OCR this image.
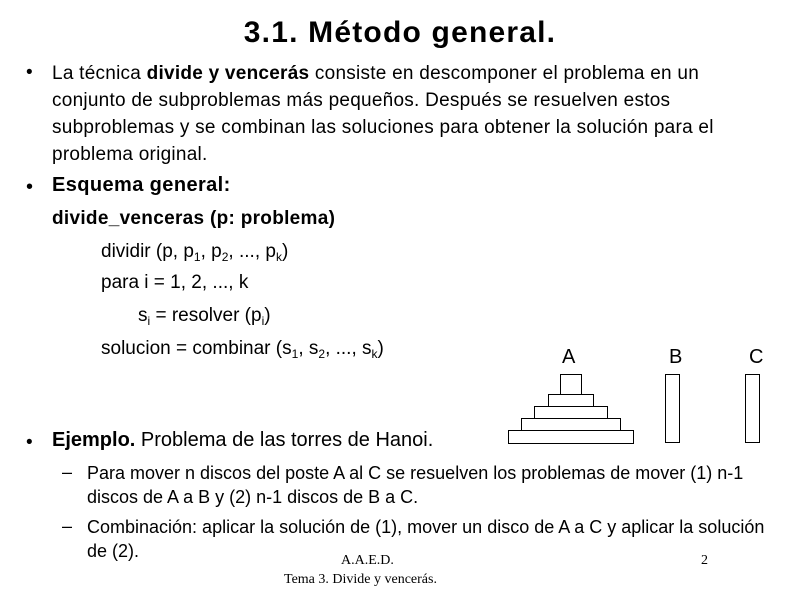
3.1. Método general.
• La técnica divide y vencerás consiste en descomponer el problema en un conjunto de subproblemas más pequeños. Después se resuelven estos subproblemas y se combinan las soluciones para obtener la solución para el problema original.
• Esquema general:
divide_venceras (p: problema)
dividir (p, $p_1$, $p_2$, ..., $p_k$)
para i = 1, 2, ..., k
$s_i$ = resolver $(p_i)$
solucion = combinar ($s_1$, $s_2$, ..., $s_k$)	A	B	C
• Ejemplo. Problema de las torres de Hanoi.
– Para mover n discos del poste A al C se resuelven los problemas de mover (1) n-1 discos de A a B y (2) n-1 discos de B a C.
– Combinación: aplicar la solución de (1), mover un disco de A a C y aplicar la solución de (2).	A.A.E.D.
Tema 3. Divide y vencerás.
2
